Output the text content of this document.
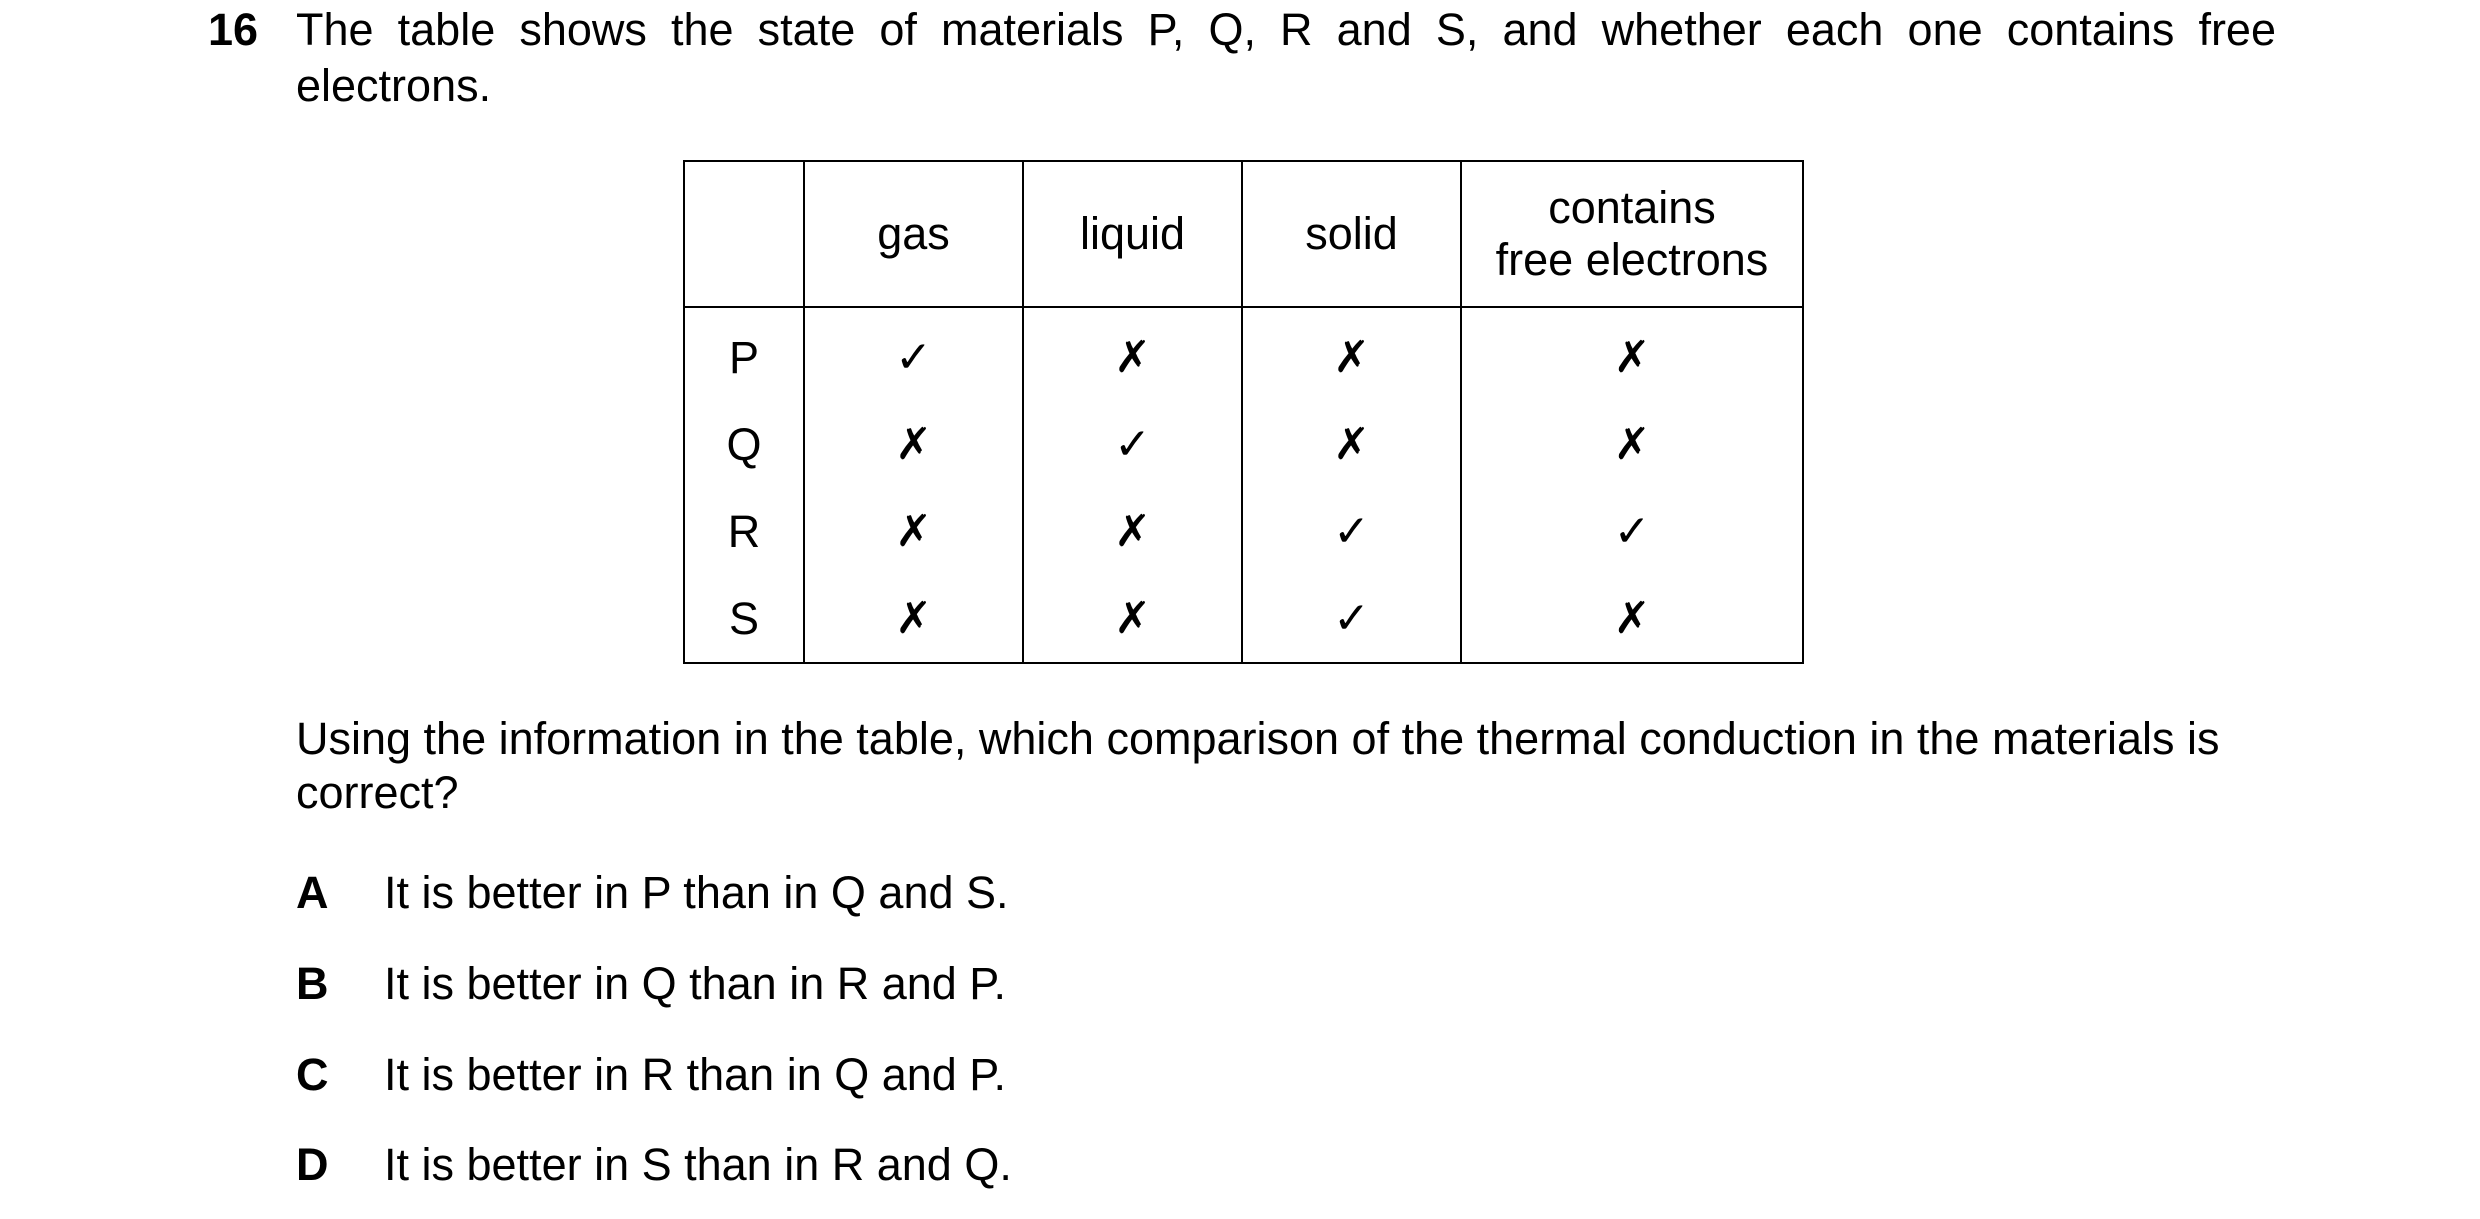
16 The table shows the state of materials P, Q, R and S, and whether each one contains free electrons.
	gas	liquid	solid	contains
free electrons
P	✓	✗	✗	✗
Q	✗	✓	✗	✗
R	✗	✗	✓	✓
S	✗	✗	✓	✗
Using the information in the table, which comparison of the thermal conduction in the materials is correct?
A It is better in P than in Q and S.
B It is better in Q than in R and P.
C It is better in R than in Q and P.
D It is better in S than in R and Q.
